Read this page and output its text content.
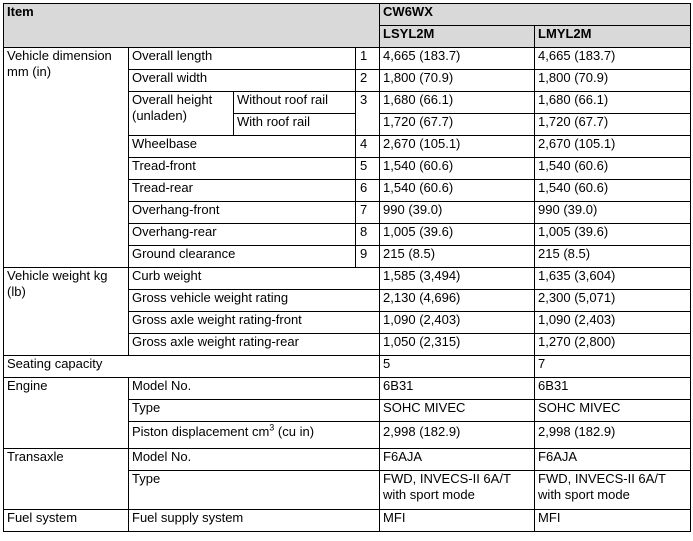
Item				CW6WX	
				LSYL2M	LMYL2M
Vehicle dimension mm (in)	Overall length		1	4,665 (183.7)	4,665 (183.7)
	Overall width		2	1,800 (70.9)	1,800 (70.9)
	Overall height (unladen)	Without roof rail	3	1,680 (66.1)	1,680 (66.1)
		With roof rail		1,720 (67.7)	1,720 (67.7)
	Wheelbase		4	2,670 (105.1)	2,670 (105.1)
	Tread-front		5	1,540 (60.6)	1,540 (60.6)
	Tread-rear		6	1,540 (60.6)	1,540 (60.6)
	Overhang-front		7	990 (39.0)	990 (39.0)
	Overhang-rear		8	1,005 (39.6)	1,005 (39.6)
	Ground clearance		9	215 (8.5)	215 (8.5)
Vehicle weight kg (lb)	Curb weight			1,585 (3,494)	1,635 (3,604)
	Gross vehicle weight rating			2,130 (4,696)	2,300 (5,071)
	Gross axle weight rating-front			1,090 (2,403)	1,090 (2,403)
	Gross axle weight rating-rear			1,050 (2,315)	1,270 (2,800)
Seating capacity				5	7
Engine	Model No.			6B31	6B31
	Type			SOHC MIVEC	SOHC MIVEC
	Piston displacement $cm^3$ (cu in)			2,998 (182.9)	2,998 (182.9)
Transaxle	Model No.			F6AJA	F6AJA
	Type			FWD, INVECS-II 6A/T with sport mode	FWD, INVECS-II 6A/T with sport mode
Fuel system	Fuel supply system			MFI	MFI
